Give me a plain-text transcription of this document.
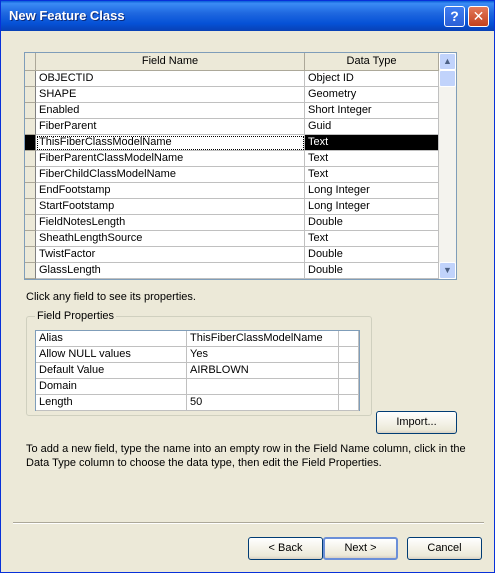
New Feature Class	? ✕
Field Name	Data Type
OBJECTID	Object ID
SHAPE	Geometry
Enabled	Short Integer
FiberParent	Guid
ThisFiberClassModelName	Text
FiberParentClassModelName	Text
FiberChildClassModelName	Text
EndFootstamp	Long Integer
StartFootstamp	Long Integer
FieldNotesLength	Double
SheathLengthSource	Text
TwistFactor	Double
GlassLength	Double
▲
▼
Click any field to see its properties.
Field Properties
Alias	ThisFiberClassModelName
Allow NULL values	Yes
Default Value	AIRBLOWN
Domain
Length	50
Import...
To add a new field, type the name into an empty row in the Field Name column, click in the Data Type column to choose the data type, then edit the Field Properties.
< Back	Next >	Cancel
